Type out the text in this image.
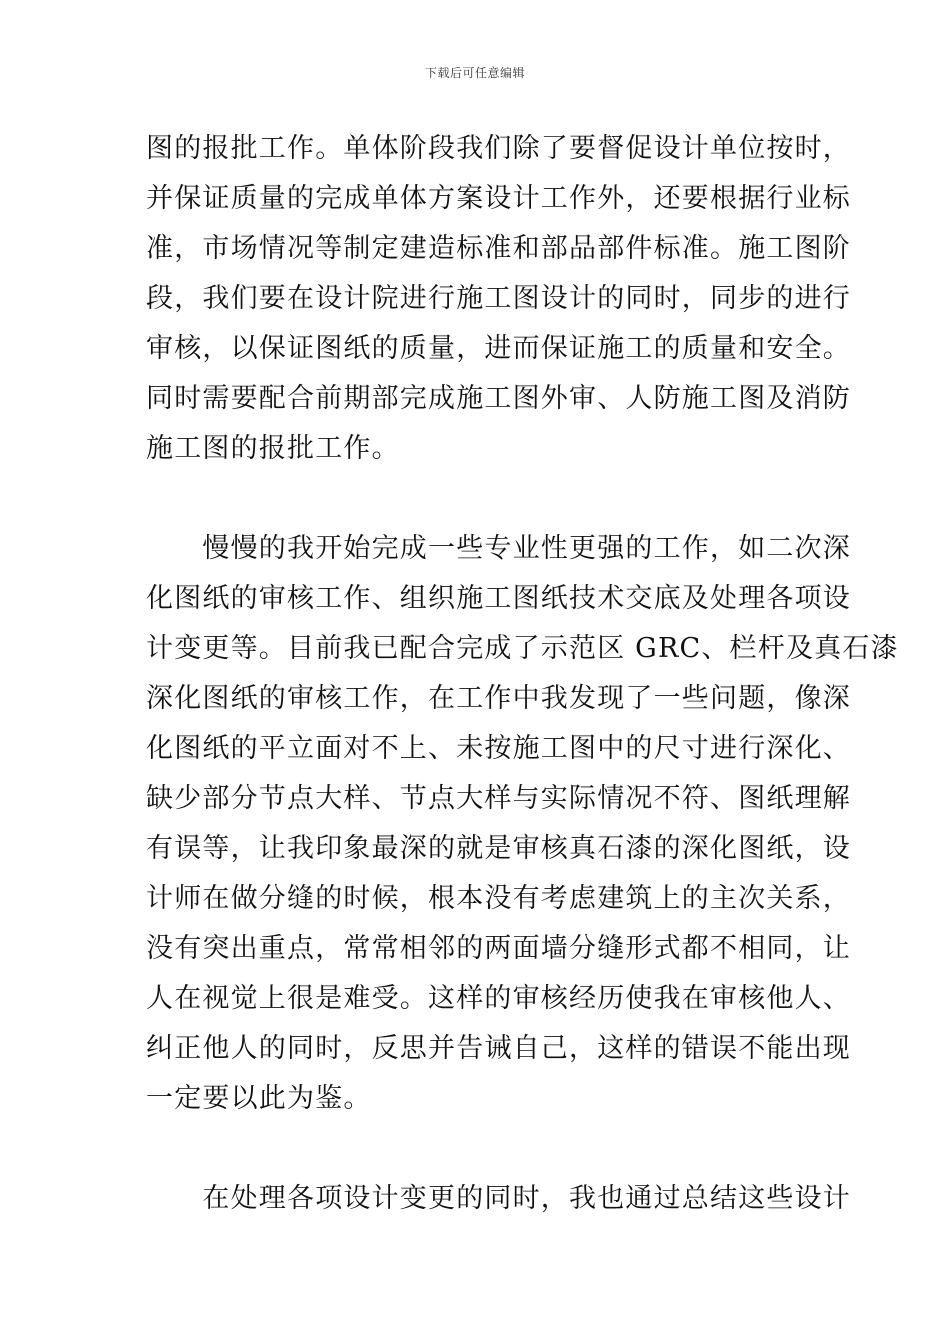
下载后可任意编辑
图的报批工作。单体阶段我们除了要督促设计单位按时，
并保证质量的完成单体方案设计工作外，还要根据行业标
准，市场情况等制定建造标准和部品部件标准。施工图阶
段，我们要在设计院进行施工图设计的同时，同步的进行
审核，以保证图纸的质量，进而保证施工的质量和安全。
同时需要配合前期部完成施工图外审、人防施工图及消防
施工图的报批工作。
　　慢慢的我开始完成一些专业性更强的工作，如二次深
化图纸的审核工作、组织施工图纸技术交底及处理各项设
计变更等。目前我已配合完成了示范区 GRC、栏杆及真石漆
深化图纸的审核工作，在工作中我发现了一些问题，像深
化图纸的平立面对不上、未按施工图中的尺寸进行深化、
缺少部分节点大样、节点大样与实际情况不符、图纸理解
有误等，让我印象最深的就是审核真石漆的深化图纸，设
计师在做分缝的时候，根本没有考虑建筑上的主次关系，
没有突出重点，常常相邻的两面墙分缝形式都不相同，让
人在视觉上很是难受。这样的审核经历使我在审核他人、
纠正他人的同时，反思并告诫自己，这样的错误不能出现
一定要以此为鉴。
　　在处理各项设计变更的同时，我也通过总结这些设计
